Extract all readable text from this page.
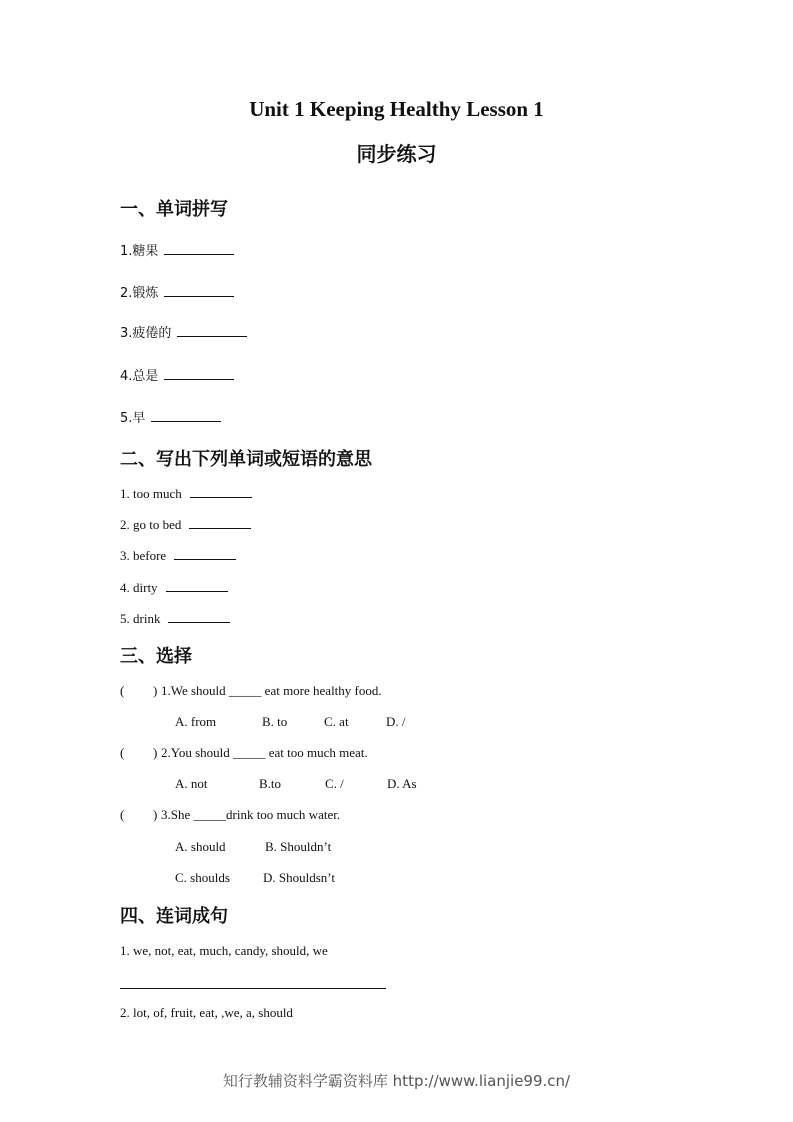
Unit 1 Keeping Healthy Lesson 1
同步练习
一、单词拼写
1.糖果
2.锻炼
3.疲倦的
4.总是
5.早
二、写出下列单词或短语的意思
1. too much
2. go to bed
3. before
4. dirty
5. drink
三、选择
( ) 1.We should _____ eat more healthy food.
A. from	B. to	C. at	D. /
( ) 2.You should _____ eat too much meat.
A. not	B.to	C. /	D. As
( ) 3.She _____drink too much water.
A. should	B. Shouldn’t
C. shoulds	D. Shouldsn’t
四、连词成句
1. we, not, eat, much, candy, should, we
2. lot, of, fruit, eat, ,we, a, should
知行教辅资料学霸资料库 http://www.lianjie99.cn/
